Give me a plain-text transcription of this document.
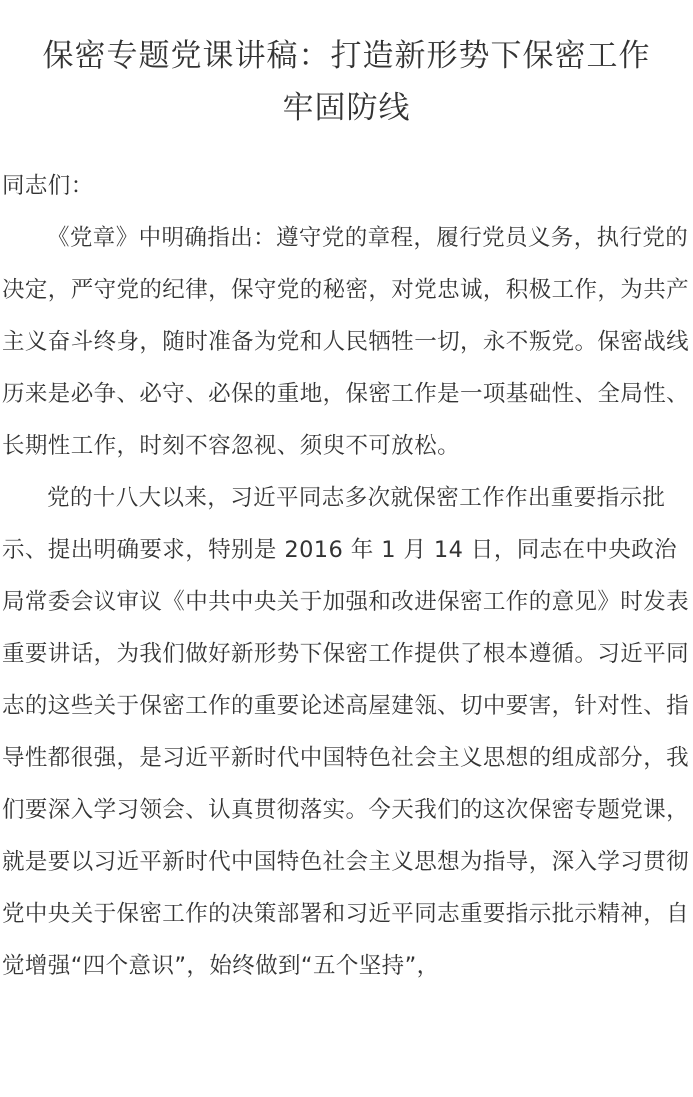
保密专题党课讲稿：打造新形势下保密工作
牢固防线

同志们：

《党章》中明确指出：遵守党的章程，履行党员义务，执行党的决定，严守党的纪律，保守党的秘密，对党忠诚，积极工作，为共产主义奋斗终身，随时准备为党和人民牺牲一切，永不叛党。保密战线历来是必争、必守、必保的重地，保密工作是一项基础性、全局性、长期性工作，时刻不容忽视、须臾不可放松。

党的十八大以来，习近平同志多次就保密工作作出重要指示批示、提出明确要求，特别是 2016 年 1 月 14 日，同志在中央政治局常委会议审议《中共中央关于加强和改进保密工作的意见》时发表重要讲话，为我们做好新形势下保密工作提供了根本遵循。习近平同志的这些关于保密工作的重要论述高屋建瓴、切中要害，针对性、指导性都很强，是习近平新时代中国特色社会主义思想的组成部分，我们要深入学习领会、认真贯彻落实。今天我们的这次保密专题党课，就是要以习近平新时代中国特色社会主义思想为指导，深入学习贯彻党中央关于保密工作的决策部署和习近平同志重要指示批示精神，自觉增强“四个意识”，始终做到“五个坚持”，
